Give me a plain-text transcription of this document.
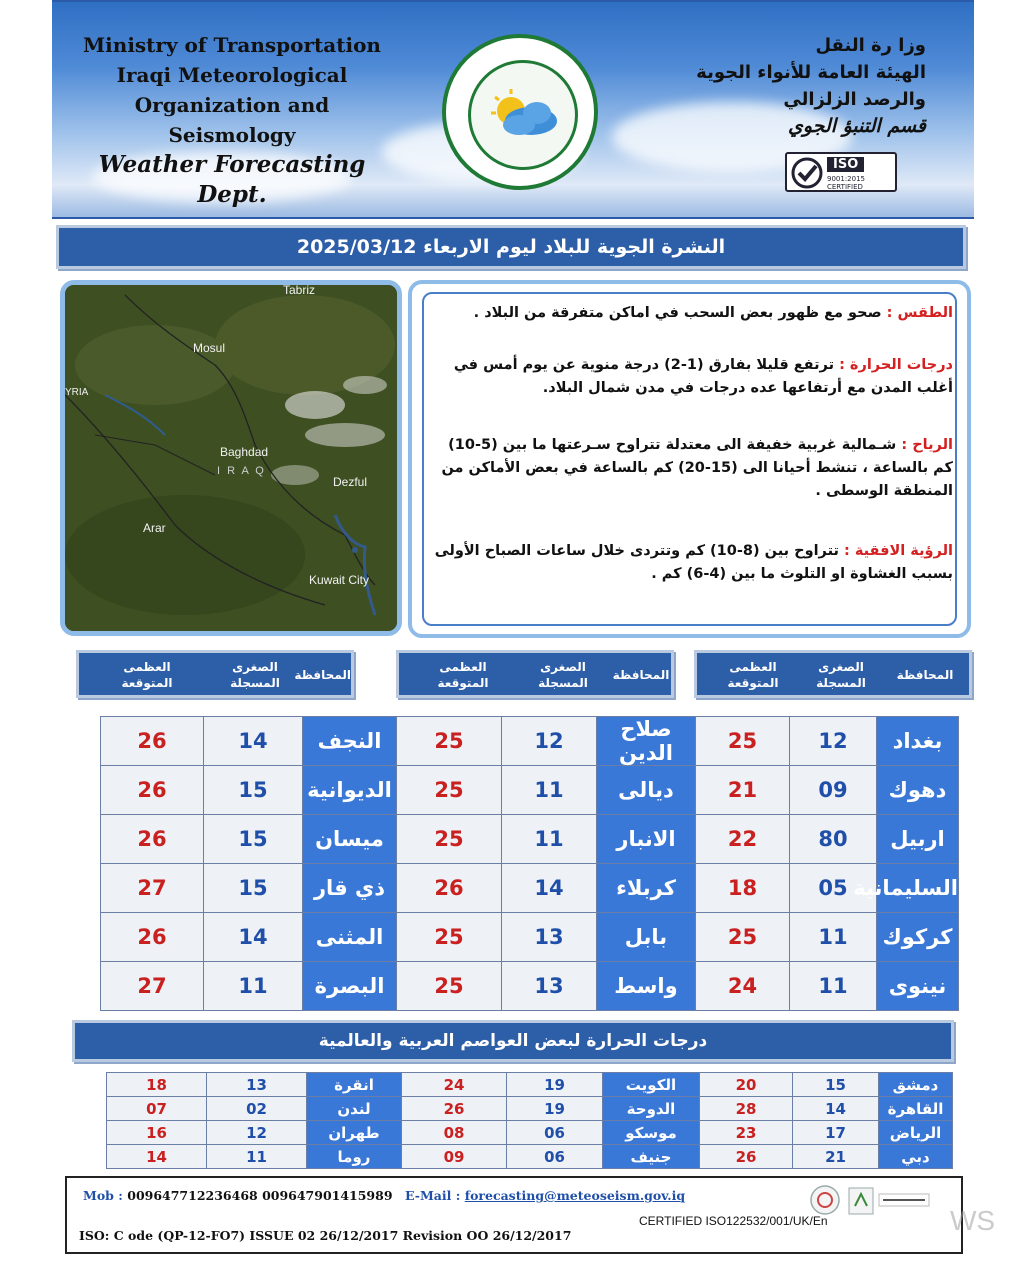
Ministry of Transportation
Iraqi Meteorological
Organization and Seismology
Weather Forecasting Dept.
وزا رة النقل
الهيئة العامة للأنواء الجوية
والرصد الزلزالي
قسم التنبؤ الجوي
ISO
9001:2015 CERTIFIED
النشرة الجوية للبلاد ليوم الاربعاء 2025/03/12
Tabriz
Mosul
YRIA
Baghdad
I R A Q
Dezful
Arar
Kuwait City
الطقس : صحو مع ظهور بعض السحب في اماكن متفرقة من البلاد .
درجات الحرارة : ترتفع قليلا بفارق (1-2) درجة منوية عن يوم أمس في أغلب المدن مع أرتفاعها عده درجات في مدن شمال البلاد.
الرياح : شـمالية غربية خفيفة الى معتدلة تتراوح سـرعتها ما بين (5-10) كم بالساعة ، تنشط أحيانا الى (15-20) كم بالساعة في بعض الأماكن من المنطقة الوسطى .
الرؤية الافقية : تتراوح بين (8-10) كم وتتردى خلال ساعات الصباح الأولى بسبب الغشاوة او التلوث ما بين (4-6) كم .
المحافظة
الصغرى المسجلة
العظمى المتوقعة
المحافظة
الصغرى المسجلة
العظمى المتوقعة
المحافظة
الصغرى المسجلة
العظمى المتوقعة
26	14	النجف	25	12	صلاح الدين	25	12	بغداد
26	15	الديوانية	25	11	ديالى	21	09	دهوك
26	15	ميسان	25	11	الانبار	22	80	اربيل
27	15	ذي قار	26	14	كربلاء	18	05	السليمانية
26	14	المثنى	25	13	بابل	25	11	كركوك
27	11	البصرة	25	13	واسط	24	11	نينوى
درجات الحرارة لبعض العواصم العربية والعالمية
18	13	انقرة	24	19	الكويت	20	15	دمشق
07	02	لندن	26	19	الدوحة	28	14	القاهرة
16	12	طهران	08	06	موسكو	23	17	الرياض
14	11	روما	09	06	جنيف	26	21	دبي
Mob : 009647712236468 009647901415989 E-Mail : forecasting@meteoseism.gov.iq
CERTIFIED ISO122532/001/UK/En
ISO: C ode (QP-12-FO7) ISSUE 02 26/12/2017 Revision OO 26/12/2017	WS
